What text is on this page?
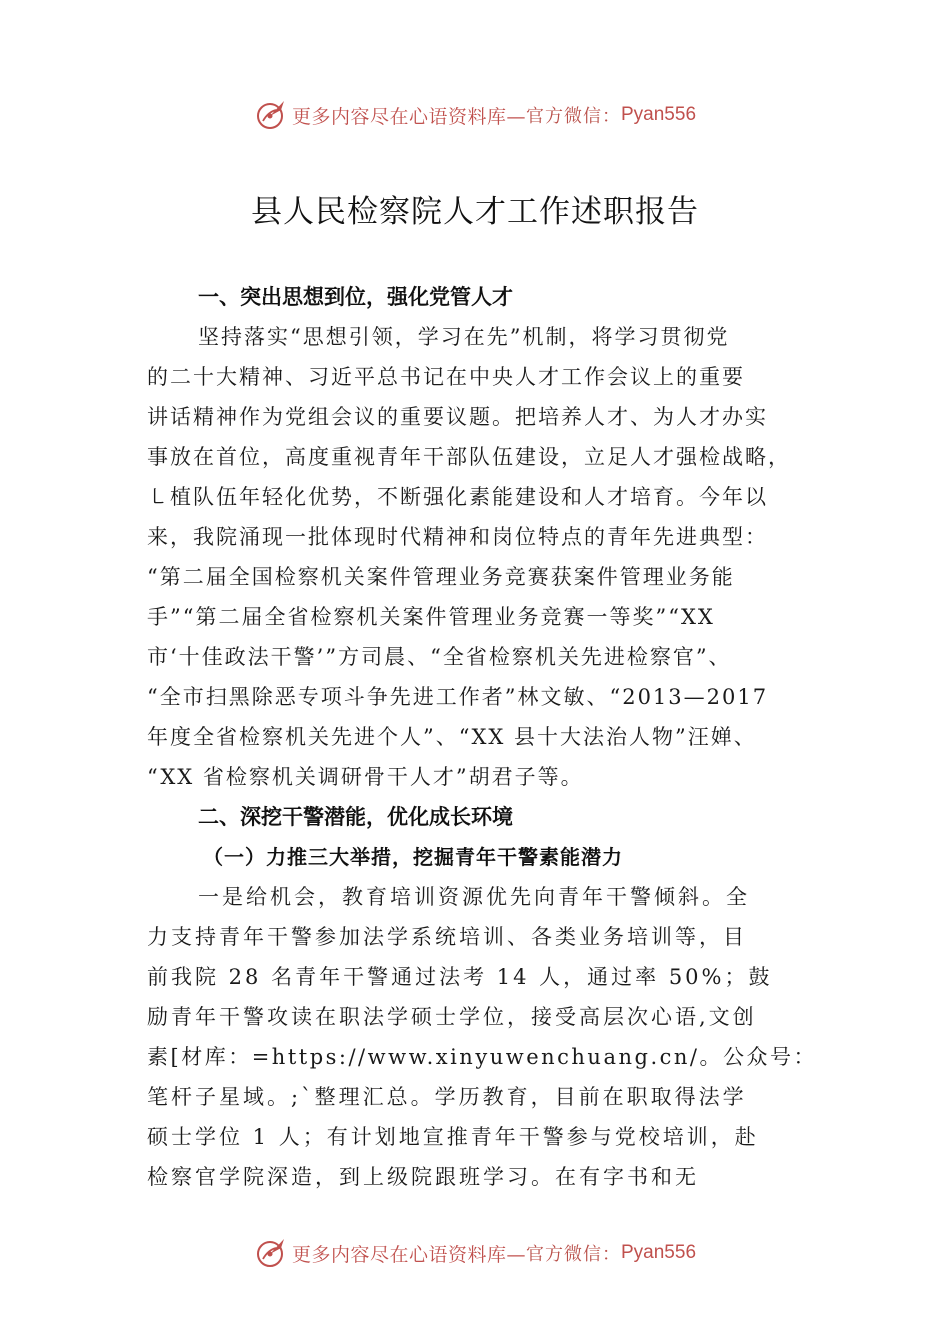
更多内容尽在心语资料库— 官方微信： Pyan556
县人民检察院人才工作述职报告
一、突出思想到位，强化党管人才
坚持落实“思想引领，学习在先”机制，将学习贯彻党
的二十大精神、习近平总书记在中央人才工作会议上的重要
讲话精神作为党组会议的重要议题。把培养人才、为人才办实
事放在首位，高度重视青年干部队伍建设，立足人才强检战略，
㇄植队伍年轻化优势，不断强化素能建设和人才培育。今年以
来，我院涌现一批体现时代精神和岗位特点的青年先进典型：
“第二届全国检察机关案件管理业务竞赛获案件管理业务能
手”“第二届全省检察机关案件管理业务竞赛一等奖”“XX
市‘十佳政法干警’”方司晨、“全省检察机关先进检察官”、
“全市扫黑除恶专项斗争先进工作者”林文敏、“2013—2017
年度全省检察机关先进个人”、“XX 县十大法治人物”汪婵、
“XX 省检察机关调研骨干人才”胡君子等。
二、深挖干警潜能，优化成长环境
（一）力推三大举措，挖掘青年干警素能潜力
一是给机会，教育培训资源优先向青年干警倾斜。全
力支持青年干警参加法学系统培训、各类业务培训等，目
前我院 28 名青年干警通过法考 14 人，通过率 50%；鼓
励青年干警攻读在职法学硕士学位，接受高层次心语,文创
素[材库：=https://www.xinyuwenchuang.cn/。公众号：
笔杆子星域。;`整理汇总。学历教育，目前在职取得法学
硕士学位 1 人；有计划地宣推青年干警参与党校培训，赴
检察官学院深造，到上级院跟班学习。在有字书和无
更多内容尽在心语资料库— 官方微信： Pyan556
